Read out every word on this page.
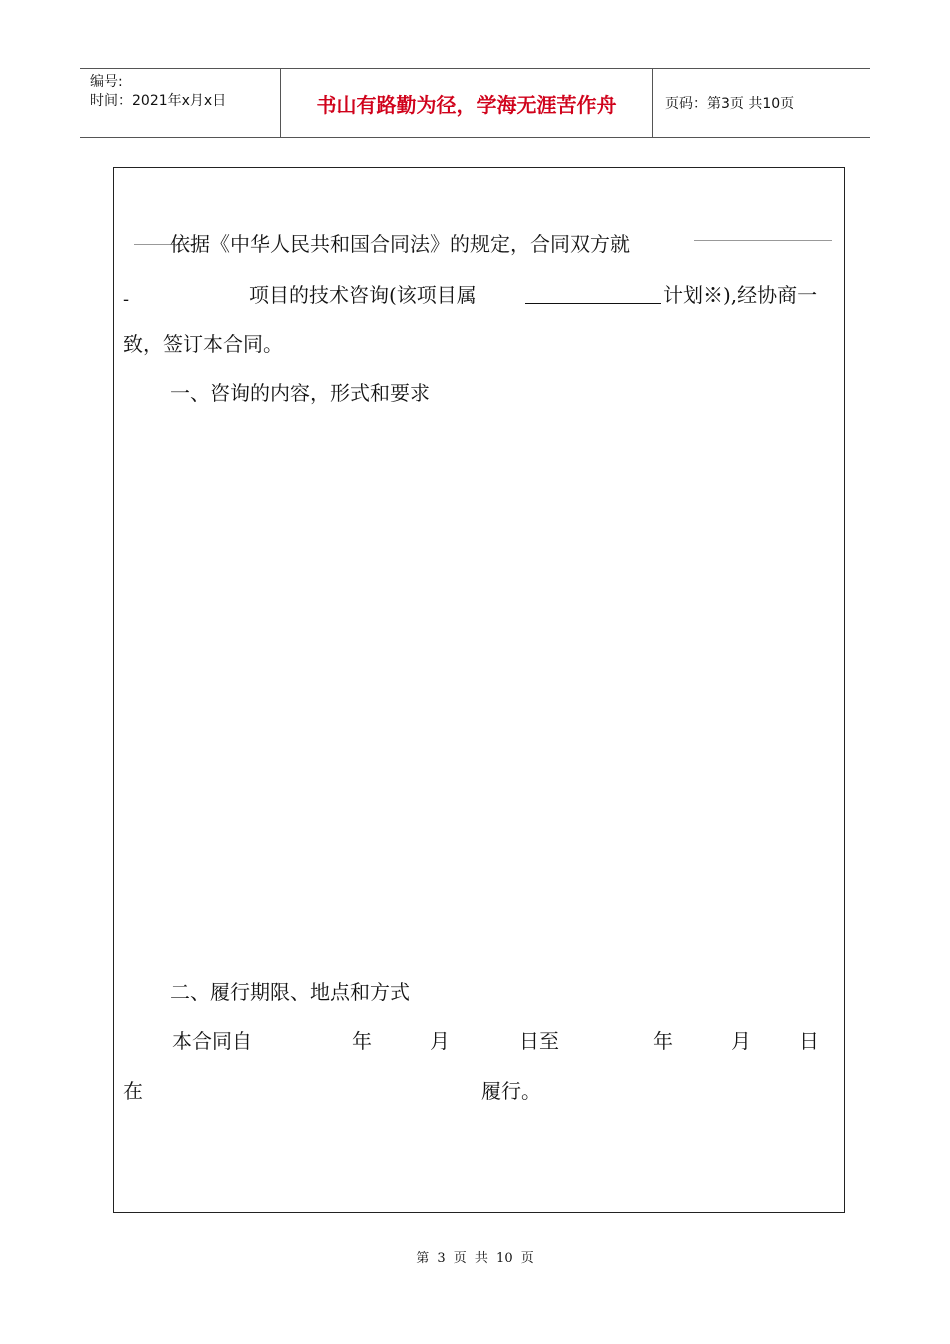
编号:
时间：2021年x月x日	书山有路勤为径，学海无涯苦作舟	页码：第3页 共10页
依据《中华人民共和国合同法》的规定，合同双方就
-	项目的技术咨询(该项目属	计划※),经协商一
致，签订本合同。
一、咨询的内容，形式和要求
二、履行期限、地点和方式
本合同自	年	月	日至	年	月 日
在	履行。
第 3 页 共 10 页
